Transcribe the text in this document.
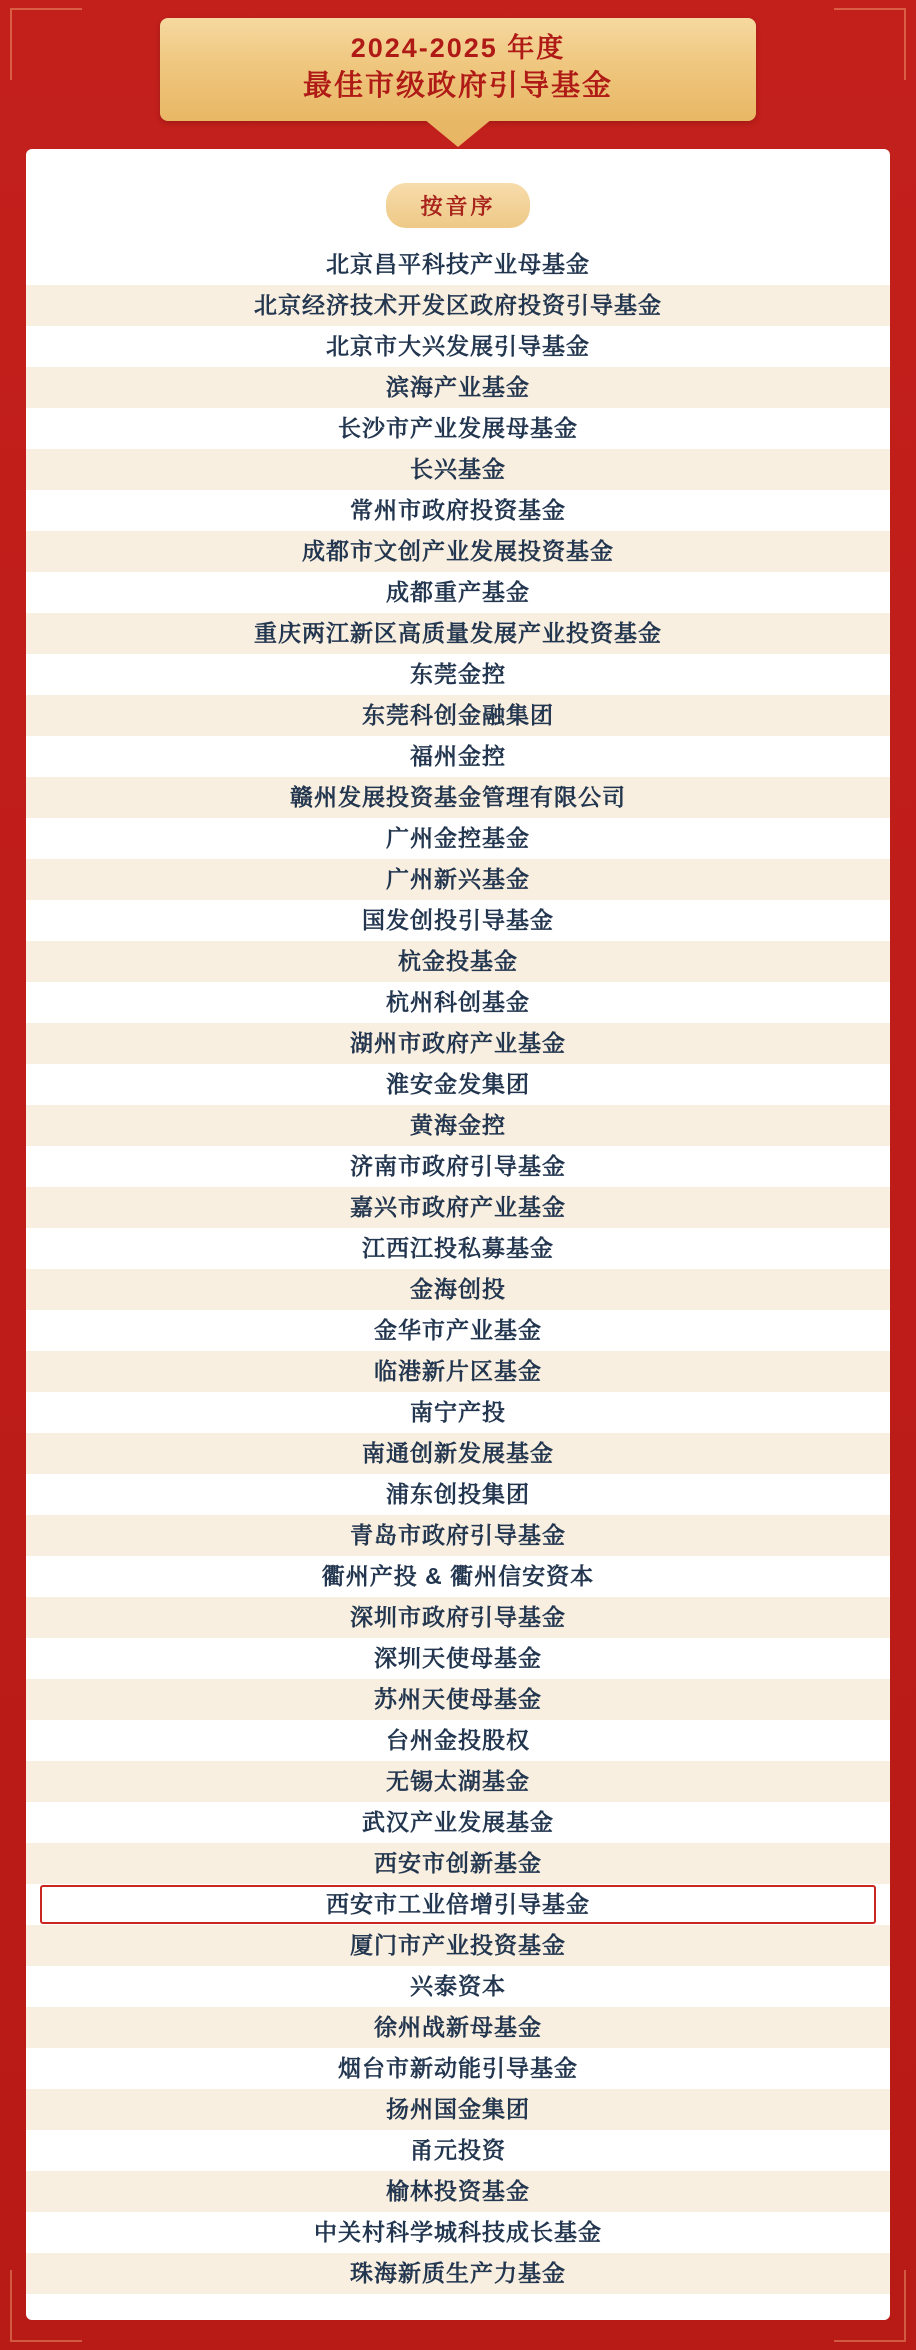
2024-2025 年度
最佳市级政府引导基金
按音序
北京昌平科技产业母基金
北京经济技术开发区政府投资引导基金
北京市大兴发展引导基金
滨海产业基金
长沙市产业发展母基金
长兴基金
常州市政府投资基金
成都市文创产业发展投资基金
成都重产基金
重庆两江新区高质量发展产业投资基金
东莞金控
东莞科创金融集团
福州金控
赣州发展投资基金管理有限公司
广州金控基金
广州新兴基金
国发创投引导基金
杭金投基金
杭州科创基金
湖州市政府产业基金
淮安金发集团
黄海金控
济南市政府引导基金
嘉兴市政府产业基金
江西江投私募基金
金海创投
金华市产业基金
临港新片区基金
南宁产投
南通创新发展基金
浦东创投集团
青岛市政府引导基金
衢州产投 & 衢州信安资本
深圳市政府引导基金
深圳天使母基金
苏州天使母基金
台州金投股权
无锡太湖基金
武汉产业发展基金
西安市创新基金
西安市工业倍增引导基金
厦门市产业投资基金
兴泰资本
徐州战新母基金
烟台市新动能引导基金
扬州国金集团
甬元投资
榆林投资基金
中关村科学城科技成长基金
珠海新质生产力基金
